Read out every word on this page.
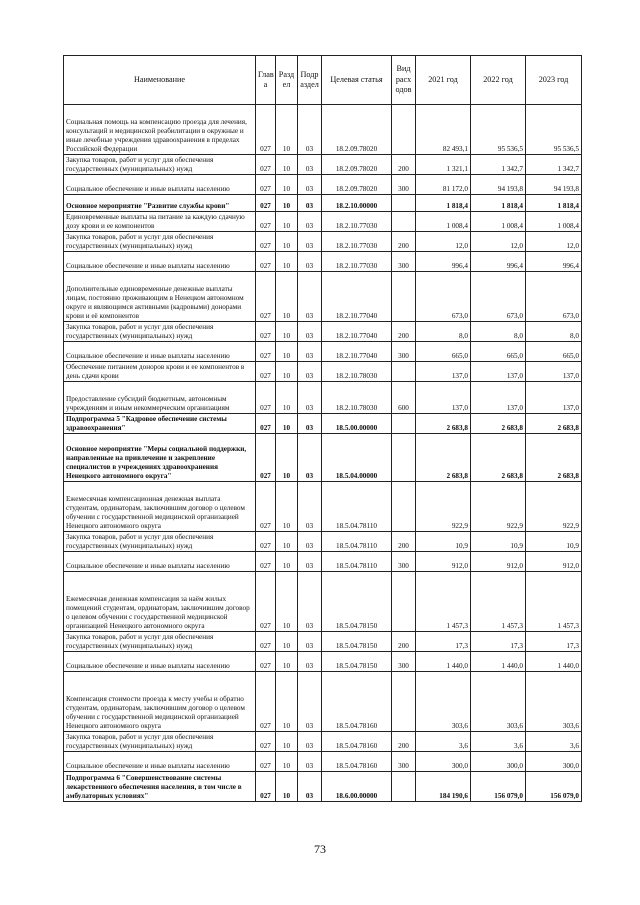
Наименование	Глав а	Разд ел	Подр аздел	Целевая статья	Вид расх одов	2021 год	2022 год	2023 год
Социальная помощь на компенсацию проезда для лечения, консультаций и медицинской реабилитации в окружные и иные лечебные учреждения здравоохранения в пределах Российской Федерации	027	10	03	18.2.09.78020		82 493,1	95 536,5	95 536,5
Закупка товаров, работ и услуг для обеспечения государственных (муниципальных) нужд	027	10	03	18.2.09.78020	200	1 321,1	1 342,7	1 342,7
Социальное обеспечение и иные выплаты населению	027	10	03	18.2.09.78020	300	81 172,0	94 193,8	94 193,8
Основное мероприятие "Развитие службы крови"	027	10	03	18.2.10.00000		1 818,4	1 818,4	1 818,4
Единовременные выплаты на питание за каждую сдачную дозу крови и ее компонентов	027	10	03	18.2.10.77030		1 008,4	1 008,4	1 008,4
Закупка товаров, работ и услуг для обеспечения государственных (муниципальных) нужд	027	10	03	18.2.10.77030	200	12,0	12,0	12,0
Социальное обеспечение и иные выплаты населению	027	10	03	18.2.10.77030	300	996,4	996,4	996,4
Дополнительные единовременные денежные выплаты лицам, постоянно проживающим в Ненецком автономном округе и являющимся активными (кадровыми) донорами крови и её компонентов	027	10	03	18.2.10.77040		673,0	673,0	673,0
Закупка товаров, работ и услуг для обеспечения государственных (муниципальных) нужд	027	10	03	18.2.10.77040	200	8,0	8,0	8,0
Социальное обеспечение и иные выплаты населению	027	10	03	18.2.10.77040	300	665,0	665,0	665,0
Обеспечение питанием доноров крови и ее компонентов в день сдачи крови	027	10	03	18.2.10.78030		137,0	137,0	137,0
Предоставление субсидий бюджетным, автономным учреждениям и иным некоммерческим организациям	027	10	03	18.2.10.78030	600	137,0	137,0	137,0
Подпрограмма 5 "Кадровое обеспечение системы здравоохранения"	027	10	03	18.5.00.00000		2 683,8	2 683,8	2 683,8
Основное мероприятие "Меры социальной поддержки, направленные на привлечение и закрепление специалистов в учреждениях здравоохранения Ненецкого автономного округа"	027	10	03	18.5.04.00000		2 683,8	2 683,8	2 683,8
Ежемесячная компенсационная денежная выплата студентам, ординаторам, заключившим договор о целевом обучении с государственной медицинской организацией Ненецкого автономного округа	027	10	03	18.5.04.78110		922,9	922,9	922,9
Закупка товаров, работ и услуг для обеспечения государственных (муниципальных) нужд	027	10	03	18.5.04.78110	200	10,9	10,9	10,9
Социальное обеспечение и иные выплаты населению	027	10	03	18.5.04.78110	300	912,0	912,0	912,0
Ежемесячная денежная компенсация за наём жилых помещений студентам, ординаторам, заключившим договор о целевом обучении с государственной медицинской организацией Ненецкого автономного округа	027	10	03	18.5.04.78150		1 457,3	1 457,3	1 457,3
Закупка товаров, работ и услуг для обеспечения государственных (муниципальных) нужд	027	10	03	18.5.04.78150	200	17,3	17,3	17,3
Социальное обеспечение и иные выплаты населению	027	10	03	18.5.04.78150	300	1 440,0	1 440,0	1 440,0
Компенсация стоимости проезда к месту учебы и обратно студентам, ординаторам, заключившим договор о целевом обучении с государственной медицинской организацией Ненецкого автономного округа	027	10	03	18.5.04.78160		303,6	303,6	303,6
Закупка товаров, работ и услуг для обеспечения государственных (муниципальных) нужд	027	10	03	18.5.04.78160	200	3,6	3,6	3,6
Социальное обеспечение и иные выплаты населению	027	10	03	18.5.04.78160	300	300,0	300,0	300,0
Подпрограмма 6 "Совершенствование системы лекарственного обеспечения населения, в том числе в амбулаторных условиях"	027	10	03	18.6.00.00000		184 190,6	156 079,0	156 079,0
73
